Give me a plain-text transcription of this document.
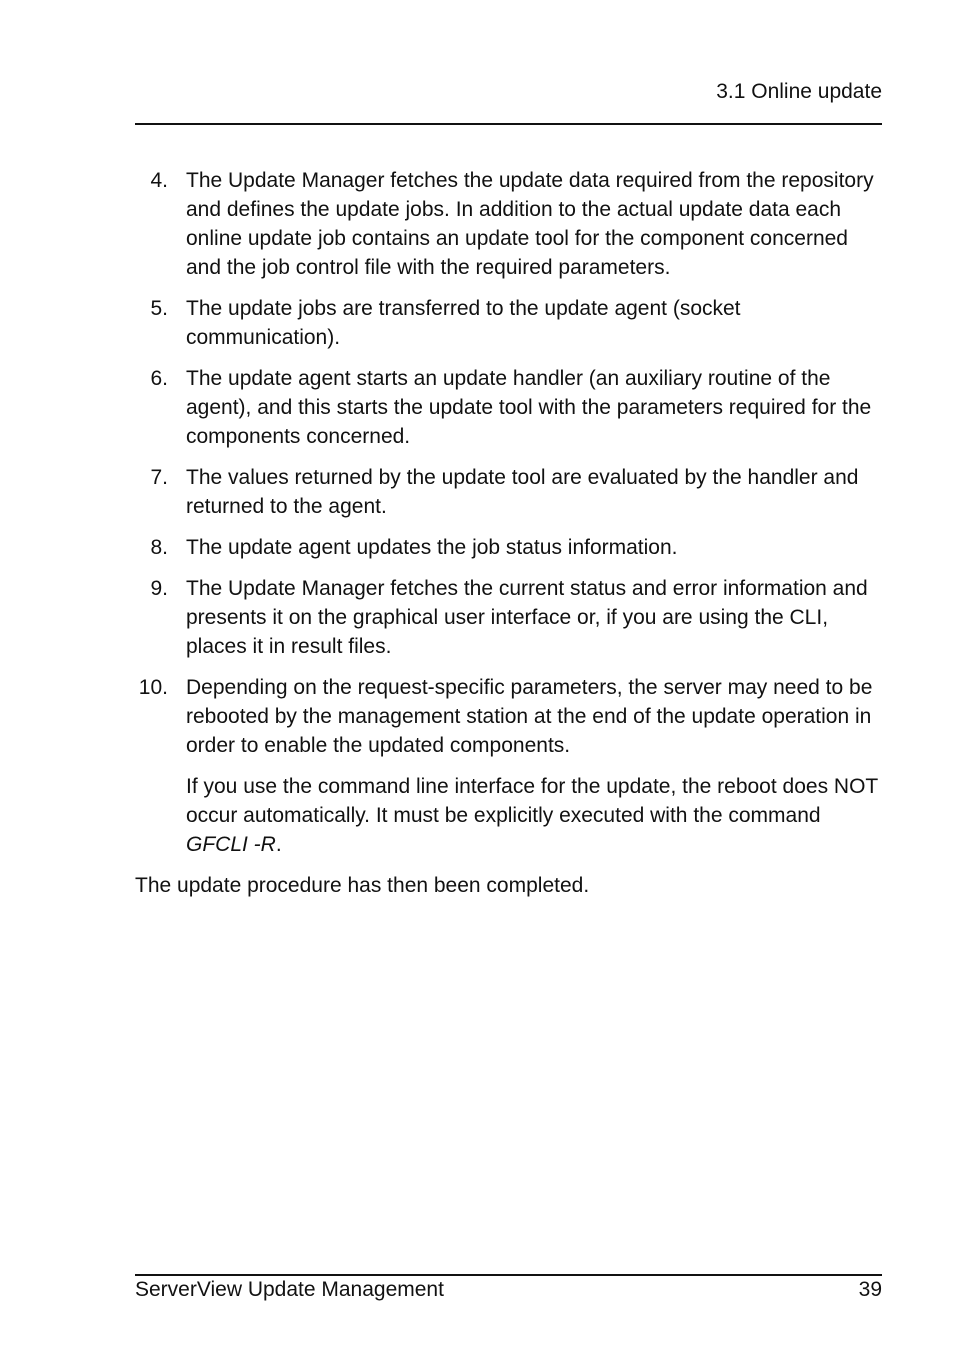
3.1 Online update
4. The Update Manager fetches the update data required from the repository and defines the update jobs. In addition to the actual update data each online update job contains an update tool for the component concerned and the job control file with the required parameters.
5. The update jobs are transferred to the update agent (socket communication).
6. The update agent starts an update handler (an auxiliary routine of the agent), and this starts the update tool with the parameters required for the components concerned.
7. The values returned by the update tool are evaluated by the handler and returned to the agent.
8. The update agent updates the job status information.
9. The Update Manager fetches the current status and error information and presents it on the graphical user interface or, if you are using the CLI, places it in result files.
10. Depending on the request-specific parameters, the server may need to be rebooted by the management station at the end of the update operation in order to enable the updated components.
If you use the command line interface for the update, the reboot does NOT occur automatically. It must be explicitly executed with the command GFCLI -R.

The update procedure has then been completed.

ServerView Update Management	39
